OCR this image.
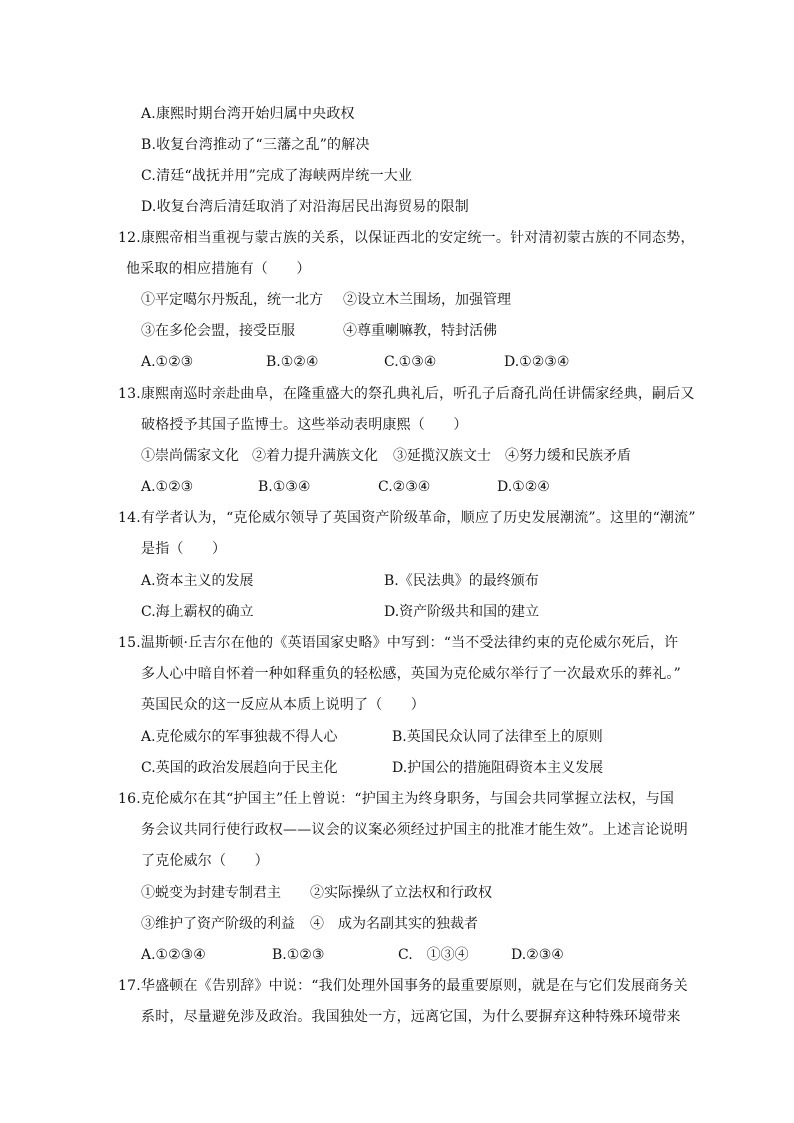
A.康熙时期台湾开始归属中央政权
B.收复台湾推动了“三藩之乱”的解决
C.清廷“战抚并用”完成了海峡两岸统一大业
D.收复台湾后清廷取消了对沿海居民出海贸易的限制
12.康熙帝相当重视与蒙古族的关系，以保证西北的安定统一。针对清初蒙古族的不同态势，
他采取的相应措施有（　　）
①平定噶尔丹叛乱，统一北方 ②设立木兰围场，加强管理
③在多伦会盟，接受臣服	④尊重喇嘛教，特封活佛
A.①②③	B.①②④	C.①③④	D.①②③④
13.康熙南巡时亲赴曲阜，在隆重盛大的祭孔典礼后，听孔子后裔孔尚任讲儒家经典，嗣后又
破格授予其国子监博士。这些举动表明康熙（　　）
①崇尚儒家文化 ②着力提升满族文化 ③延揽汉族文士 ④努力缓和民族矛盾
A.①②③	B.①③④	C.②③④	D.①②④
14.有学者认为，“克伦威尔领导了英国资产阶级革命，顺应了历史发展潮流”。这里的“潮流”
是指（　　）
A.资本主义的发展	B.《民法典》的最终颁布
C.海上霸权的确立	D.资产阶级共和国的建立
15.温斯顿·丘吉尔在他的《英语国家史略》中写到：“当不受法律约束的克伦威尔死后，许
多人心中暗自怀着一种如释重负的轻松感，英国为克伦威尔举行了一次最欢乐的葬礼。”
英国民众的这一反应从本质上说明了（　　）
A.克伦威尔的军事独裁不得人心	B.英国民众认同了法律至上的原则
C.英国的政治发展趋向于民主化	D.护国公的措施阻碍资本主义发展
16.克伦威尔在其“护国主”任上曾说：“护国主为终身职务，与国会共同掌握立法权，与国
务会议共同行使行政权——议会的议案必须经过护国主的批准才能生效”。上述言论说明
了克伦威尔（　　）
①蜕变为封建专制君主 ②实际操纵了立法权和行政权
③维护了资产阶级的利益 ④　成为名副其实的独裁者
A.①②③④	B.①②③	C.　①③④	D.②③④
17.华盛顿在《告别辞》中说：“我们处理外国事务的最重要原则，就是在与它们发展商务关
系时，尽量避免涉及政治。我国独处一方，远离它国，为什么要摒弃这种特殊环境带来
